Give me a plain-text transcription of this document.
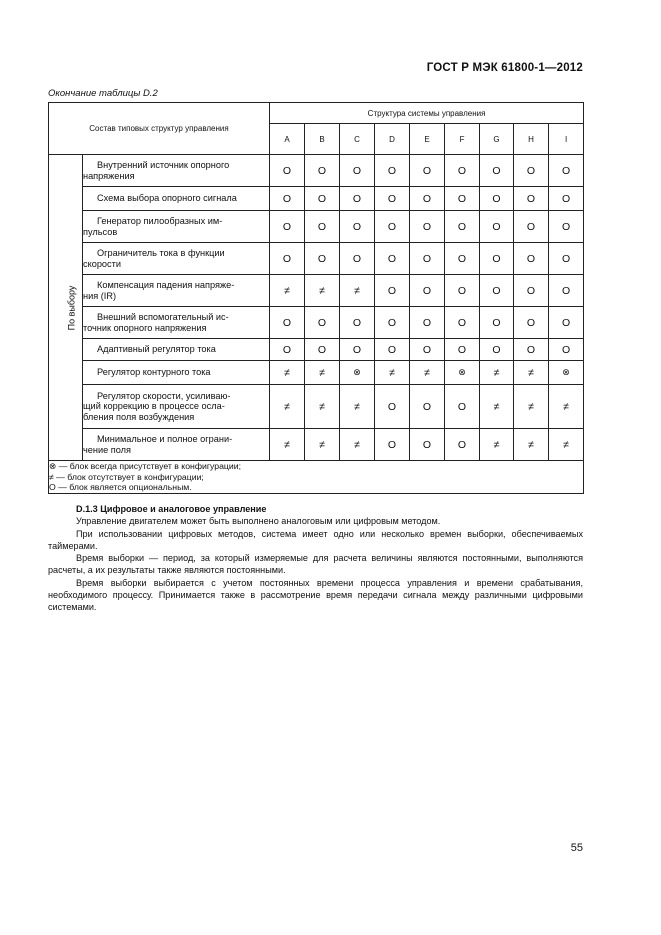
ГОСТ Р МЭК 61800-1—2012
Окончание таблицы D.2
Состав типовых структур управления		Структура системы управления								
		A	B	C	D	E	F	G	H	I
По выбору	Внутренний источник опорного
напряжения	O	O	O	O	O	O	O	O	O

	Схема выбора опорного сигнала	O	O	O	O	O	O	O	O	O

	Генератор пилообразных им-
пульсов	O	O	O	O	O	O	O	O	O

	Ограничитель тока в функции
скорости	O	O	O	O	O	O	O	O	O

	Компенсация падения напряже-
ния (IR)	≠	≠	≠	O	O	O	O	O	O

	Внешний вспомогательный ис-
точник опорного напряжения	O	O	O	O	O	O	O	O	O

	Адаптивный регулятор тока	O	O	O	O	O	O	O	O	O

	Регулятор контурного тока	≠	≠	⊗	≠	≠	⊗	≠	≠	⊗

	Регулятор скорости, усиливаю-
щий коррекцию в процессе осла-
бления поля возбуждения	≠	≠	≠	O	O	O	≠	≠	≠

	Минимальное и полное ограни-
чение поля	≠	≠	≠	O	O	O	≠	≠	≠

⊗ — блок всегда присутствует в конфигурации;
≠ — блок отсутствует в конфигурации;
O — блок является опциональным.										
D.1.3 Цифровое и аналоговое управление
Управление двигателем может быть выполнено аналоговым или цифровым методом.
При использовании цифровых методов, система имеет одно или несколько времен выборки, обеспечиваемых таймерами.
Время выборки — период, за который измеряемые для расчета величины являются постоянными, выполняются расчеты, а их результаты также являются постоянными.
Время выборки выбирается с учетом постоянных времени процесса управления и времени срабатывания, необходимого процессу. Принимается также в рассмотрение время передачи сигнала между различными цифровыми системами.
55
